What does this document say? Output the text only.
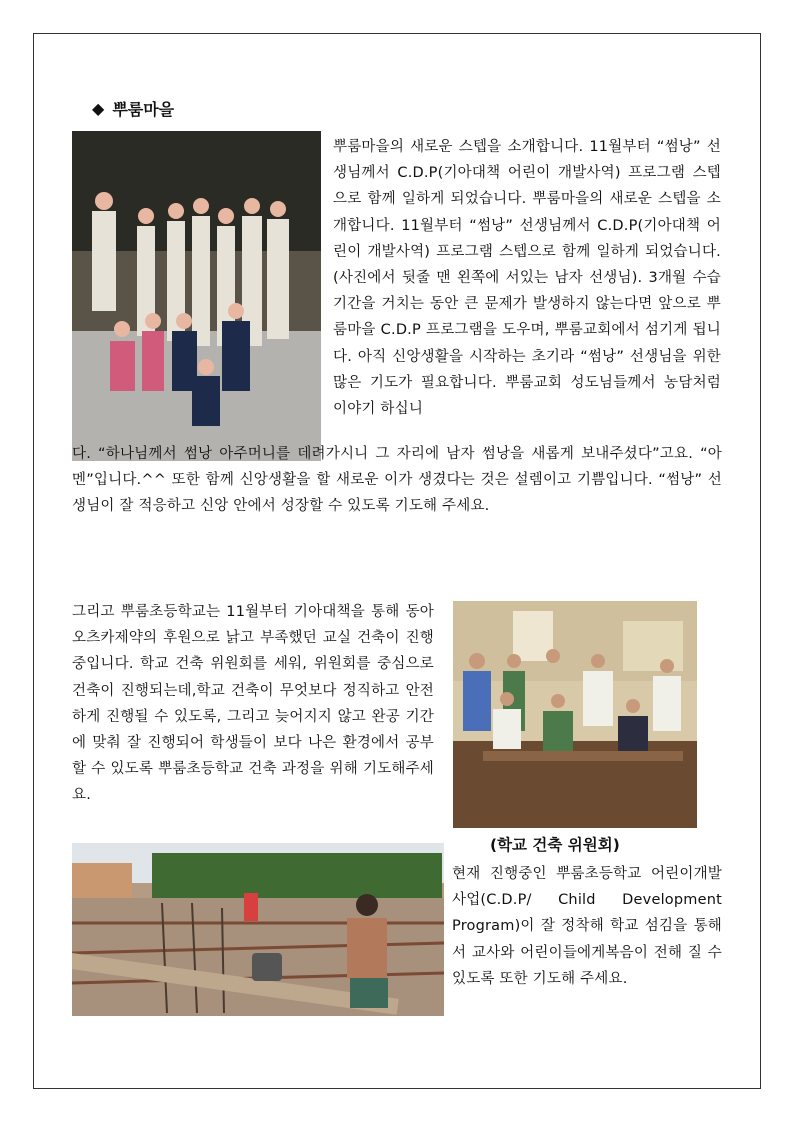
◆ 뿌룸마을
뿌룸마을의 새로운 스텝을 소개합니다. 11월부터 “썸낭” 선생님께서 C.D.P(기아대책 어린이 개발사역) 프로그램 스텝으로 함께 일하게 되었습니다. 뿌룸마을의 새로운 스텝을 소개합니다. 11월부터 “썸낭” 선생님께서 C.D.P(기아대책 어린이 개발사역) 프로그램 스텝으로 함께 일하게 되었습니다. (사진에서 뒷줄 맨 왼쪽에 서있는 남자 선생님). 3개월 수습 기간을 거치는 동안 큰 문제가 발생하지 않는다면 앞으로 뿌룸마을 C.D.P 프로그램을 도우며, 뿌룸교회에서 섬기게 됩니다. 아직 신앙생활을 시작하는 초기라 “썸낭” 선생님을 위한 많은 기도가 필요합니다. 뿌룸교회 성도님들께서 농담처럼 이야기 하십니
다. “하나님께서 썸낭 아주머니를 데려가시니 그 자리에 남자 썸낭을 새롭게 보내주셨다”고요. “아멘”입니다.^^ 또한 함께 신앙생활을 할 새로운 이가 생겼다는 것은 설렘이고 기쁨입니다. “썸낭” 선생님이 잘 적응하고 신앙 안에서 성장할 수 있도록 기도해 주세요.
그리고 뿌룸초등학교는 11월부터 기아대책을 통해 동아오츠카제약의 후원으로 낡고 부족했던 교실 건축이 진행 중입니다. 학교 건축 위원회를 세워, 위원회를 중심으로 건축이 진행되는데,학교 건축이 무엇보다 정직하고 안전하게 진행될 수 있도록, 그리고 늦어지지 않고 완공 기간에 맞춰 잘 진행되어 학생들이 보다 나은 환경에서 공부 할 수 있도록 뿌룸초등학교 건축 과정을 위해 기도해주세요.
(학교 건축 위원회)
현재 진행중인 뿌룸초등학교 어린이개발사업(C.D.P/ Child Development Program)이 잘 정착해 학교 섬김을 통해서 교사와 어린이들에게복음이 전해 질 수 있도록 또한 기도해 주세요.
